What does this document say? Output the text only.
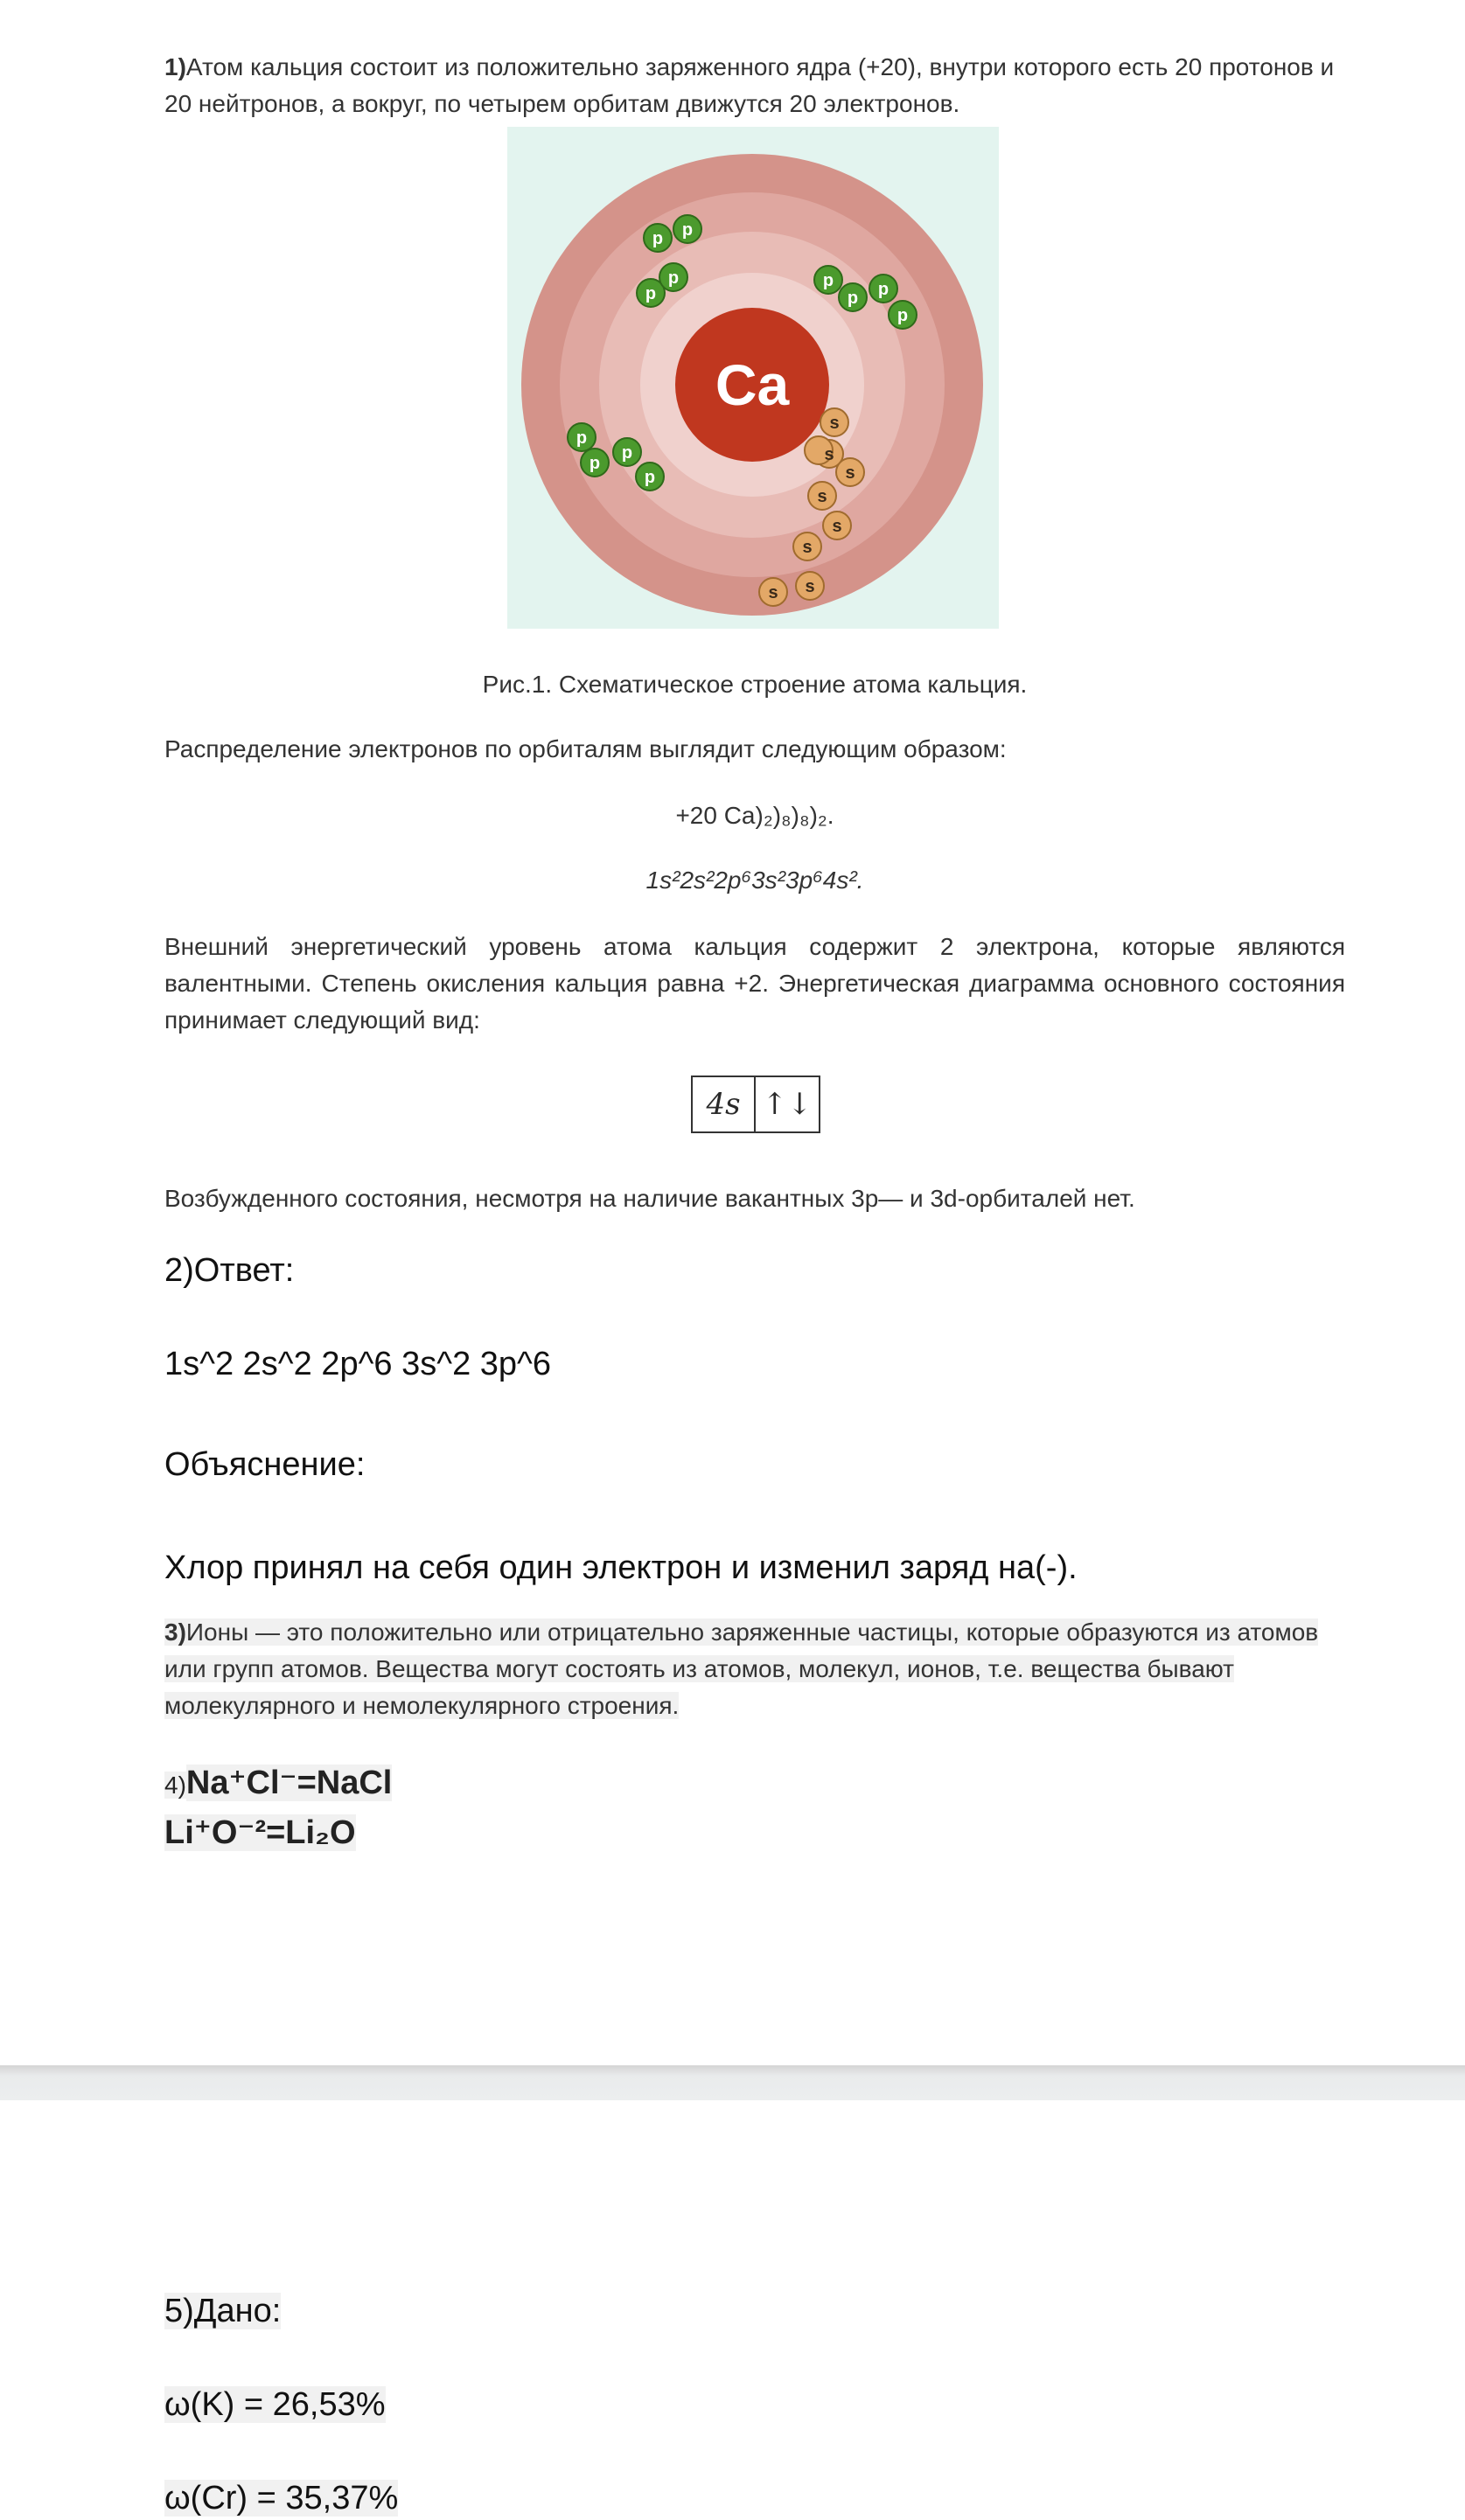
1)Атом кальция состоит из положительно заряженного ядра (+20), внутри которого есть 20 протонов и 20 нейтронов, а вокруг, по четырем орбитам движутся 20 электронов.
Ca
p p
p
p	p
p p
p
p
p
p
p
s
s
s
s
s
s
s
s
Рис.1. Схематическое строение атома кальция.
Распределение электронов по орбиталям выглядит следующим образом:
+20 Ca)₂)₈)₈)₂.
1s²2s²2p⁶3s²3p⁶4s².
Внешний энергетический уровень атома кальция содержит 2 электрона, которые являются валентными. Степень окисления кальция равна +2. Энергетическая диаграмма основного состояния принимает следующий вид:
4s ↑↓
Возбужденного состояния, несмотря на наличие вакантных 3p— и 3d-орбиталей нет.
2)Ответ:
1s^2 2s^2 2p^6 3s^2 3p^6
Объяснение:
Хлор принял на себя один электрон и изменил заряд на(-).
3)Ионы — это положительно или отрицательно заряженные частицы, которые образуются из атомов или групп атомов. Вещества могут состоять из атомов, молекул, ионов, т.е. вещества бывают молекулярного и немолекулярного строения.
4)Na⁺Cl⁻=NaCl
Li⁺O⁻²=Li₂O
5)Дано:
ω(K) = 26,53%
ω(Cr) = 35,37%
